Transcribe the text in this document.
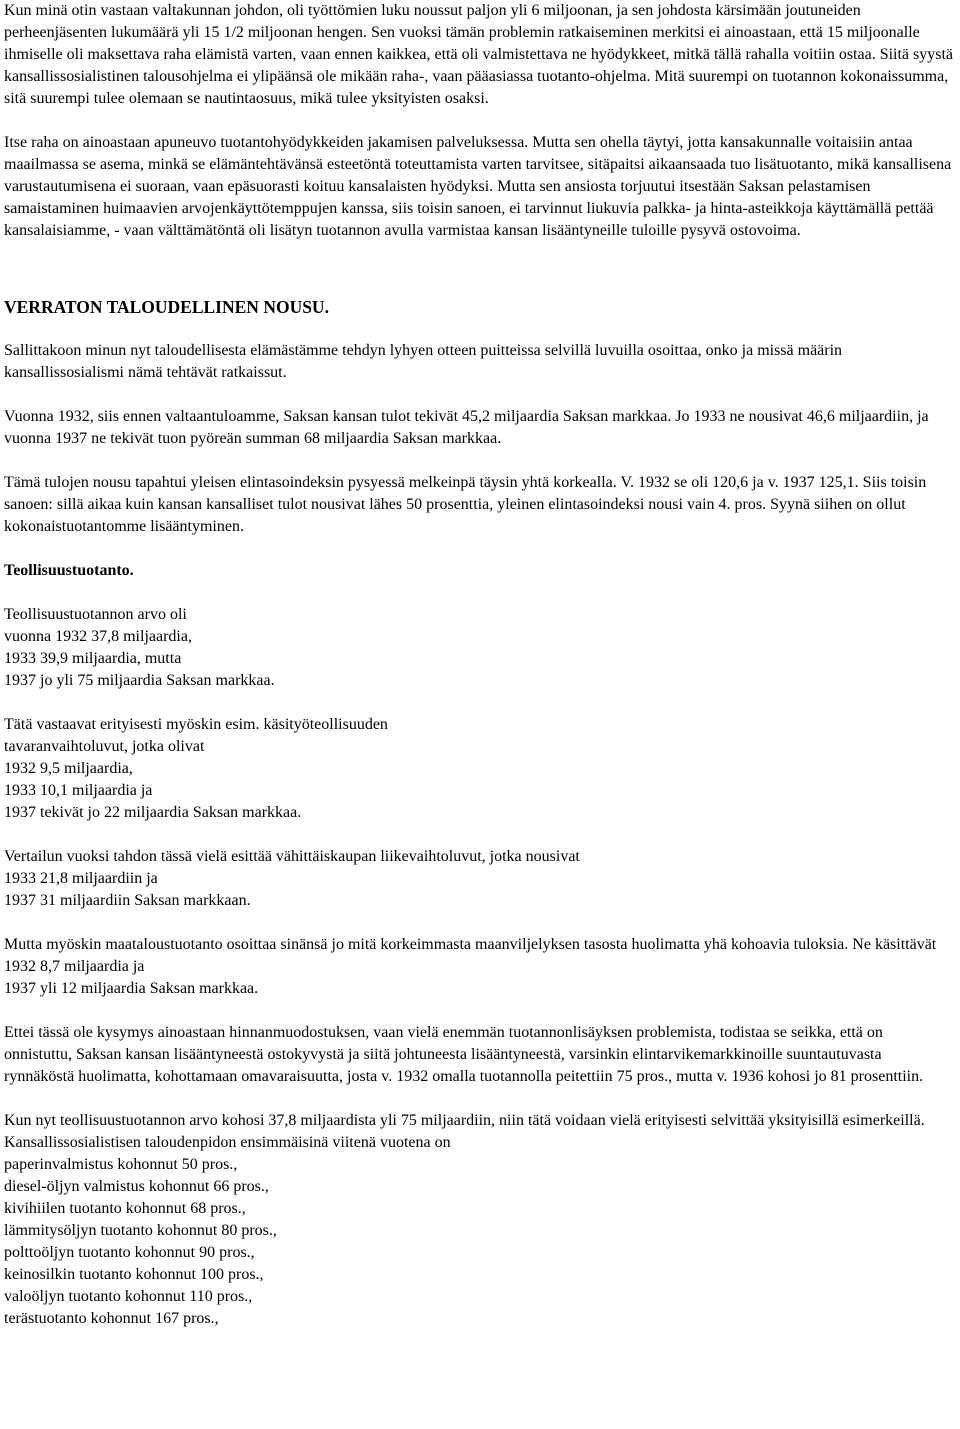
Kun minä otin vastaan valtakunnan johdon, oli työttömien luku noussut paljon yli 6 miljoonan, ja sen johdosta kärsimään joutuneiden perheenjäsenten lukumäärä yli 15 1/2 miljoonan hengen. Sen vuoksi tämän problemin ratkaiseminen merkitsi ei ainoastaan, että 15 miljoonalle ihmiselle oli maksettava raha elämistä varten, vaan ennen kaikkea, että oli valmistettava ne hyödykkeet, mitkä tällä rahalla voitiin ostaa. Siitä syystä kansallissosialistinen talousohjelma ei ylipäänsä ole mikään raha-, vaan pääasiassa tuotanto-ohjelma. Mitä suurempi on tuotannon kokonaissumma, sitä suurempi tulee olemaan se nautintaosuus, mikä tulee yksityisten osaksi.

Itse raha on ainoastaan apuneuvo tuotantohyödykkeiden jakamisen palveluksessa. Mutta sen ohella täytyi, jotta kansakunnalle voitaisiin antaa maailmassa se asema, minkä se elämäntehtävänsä esteetöntä toteuttamista varten tarvitsee, sitäpaitsi aikaansaada tuo lisätuotanto, mikä kansallisena varustautumisena ei suoraan, vaan epäsuorasti koituu kansalaisten hyödyksi. Mutta sen ansiosta torjuutui itsestään Saksan pelastamisen samaistaminen huimaavien arvojenkäyttötemppujen kanssa, siis toisin sanoen, ei tarvinnut liukuvia palkka- ja hinta-asteikkoja käyttämällä pettää kansalaisiamme, - vaan välttämätöntä oli lisätyn tuotannon avulla varmistaa kansan lisääntyneille tuloille pysyvä ostovoima.

VERRATON TALOUDELLINEN NOUSU.

Sallittakoon minun nyt taloudellisesta elämästämme tehdyn lyhyen otteen puitteissa selvillä luvuilla osoittaa, onko ja missä määrin kansallissosialismi nämä tehtävät ratkaissut.

Vuonna 1932, siis ennen valtaantuloamme, Saksan kansan tulot tekivät 45,2 miljaardia Saksan markkaa. Jo 1933 ne nousivat 46,6 miljaardiin, ja vuonna 1937 ne tekivät tuon pyöreän summan 68 miljaardia Saksan markkaa.

Tämä tulojen nousu tapahtui yleisen elintasoindeksin pysyessä melkeinpä täysin yhtä korkealla. V. 1932 se oli 120,6 ja v. 1937 125,1. Siis toisin sanoen: sillä aikaa kuin kansan kansalliset tulot nousivat lähes 50 prosenttia, yleinen elintasoindeksi nousi vain 4. pros. Syynä siihen on ollut kokonaistuotantomme lisääntyminen.

Teollisuustuotanto.

Teollisuustuotannon arvo oli
vuonna 1932 37,8 miljaardia,
1933 39,9 miljaardia, mutta
1937 jo yli 75 miljaardia Saksan markkaa.

Tätä vastaavat erityisesti myöskin esim. käsityöteollisuuden
tavaranvaihtoluvut, jotka olivat
1932 9,5 miljaardia,
1933 10,1 miljaardia ja
1937 tekivät jo 22 miljaardia Saksan markkaa.

Vertailun vuoksi tahdon tässä vielä esittää vähittäiskaupan liikevaihtoluvut, jotka nousivat
1933 21,8 miljaardiin ja
1937 31 miljaardiin Saksan markkaan.

Mutta myöskin maataloustuotanto osoittaa sinänsä jo mitä korkeimmasta maanviljelyksen tasosta huolimatta yhä kohoavia tuloksia. Ne käsittävät
1932 8,7 miljaardia ja
1937 yli 12 miljaardia Saksan markkaa.

Ettei tässä ole kysymys ainoastaan hinnanmuodostuksen, vaan vielä enemmän tuotannonlisäyksen problemista, todistaa se seikka, että on onnistuttu, Saksan kansan lisääntyneestä ostokyvystä ja siitä johtuneesta lisääntyneestä, varsinkin elintarvikemarkkinoille suuntautuvasta rynnäköstä huolimatta, kohottamaan omavaraisuutta, josta v. 1932 omalla tuotannolla peitettiin 75 pros., mutta v. 1936 kohosi jo 81 prosenttiin.

Kun nyt teollisuustuotannon arvo kohosi 37,8 miljaardista yli 75 miljaardiin, niin tätä voidaan vielä erityisesti selvittää yksityisillä esimerkeillä. Kansallissosialistisen taloudenpidon ensimmäisinä viitenä vuotena on
paperinvalmistus kohonnut 50 pros.,
diesel-öljyn valmistus kohonnut 66 pros.,
kivihiilen tuotanto kohonnut 68 pros.,
lämmitysöljyn tuotanto kohonnut 80 pros.,
polttoöljyn tuotanto kohonnut 90 pros.,
keinosilkin tuotanto kohonnut 100 pros.,
valoöljyn tuotanto kohonnut 110 pros.,
terästuotanto kohonnut 167 pros.,
